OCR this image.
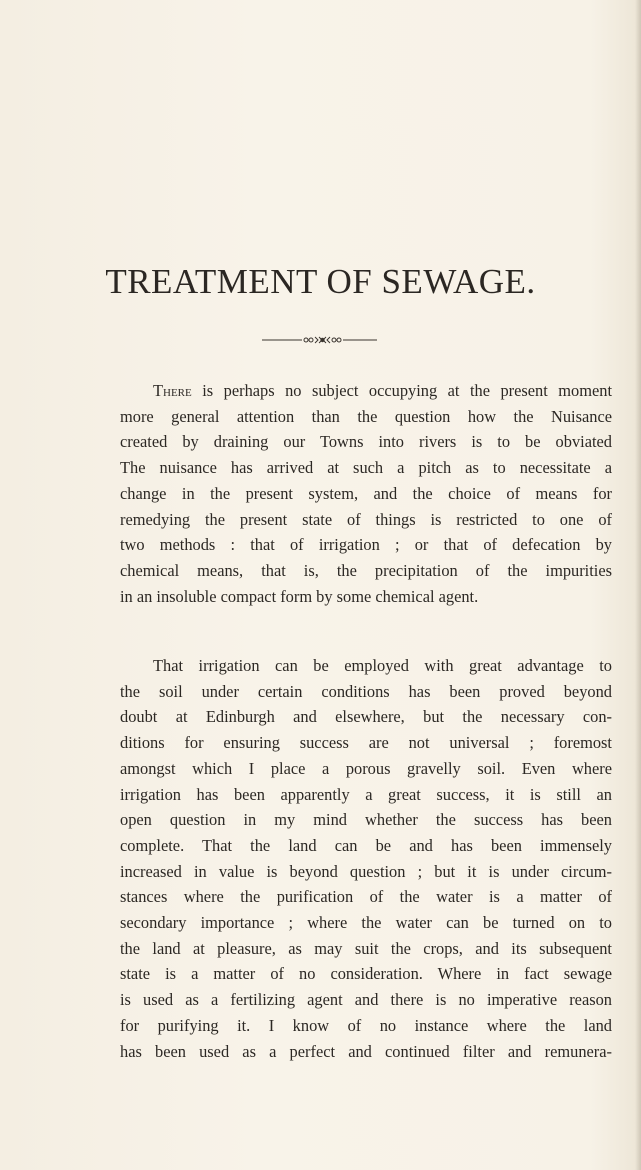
TREATMENT OF SEWAGE.

There is perhaps no subject occupying at the present moment
more general attention than the question how the Nuisance
created by draining our Towns into rivers is to be obviated
The nuisance has arrived at such a pitch as to necessitate a
change in the present system, and the choice of means for
remedying the present state of things is restricted to one of
two methods : that of irrigation ; or that of defecation by
chemical means, that is, the precipitation of the impurities
in an insoluble compact form by some chemical agent.

That irrigation can be employed with great advantage to
the soil under certain conditions has been proved beyond
doubt at Edinburgh and elsewhere, but the necessary con-
ditions for ensuring success are not universal ; foremost
amongst which I place a porous gravelly soil. Even where
irrigation has been apparently a great success, it is still an
open question in my mind whether the success has been
complete. That the land can be and has been immensely
increased in value is beyond question ; but it is under circum-
stances where the purification of the water is a matter of
secondary importance ; where the water can be turned on to
the land at pleasure, as may suit the crops, and its subsequent
state is a matter of no consideration. Where in fact sewage
is used as a fertilizing agent and there is no imperative reason
for purifying it. I know of no instance where the land
has been used as a perfect and continued filter and remunera-
